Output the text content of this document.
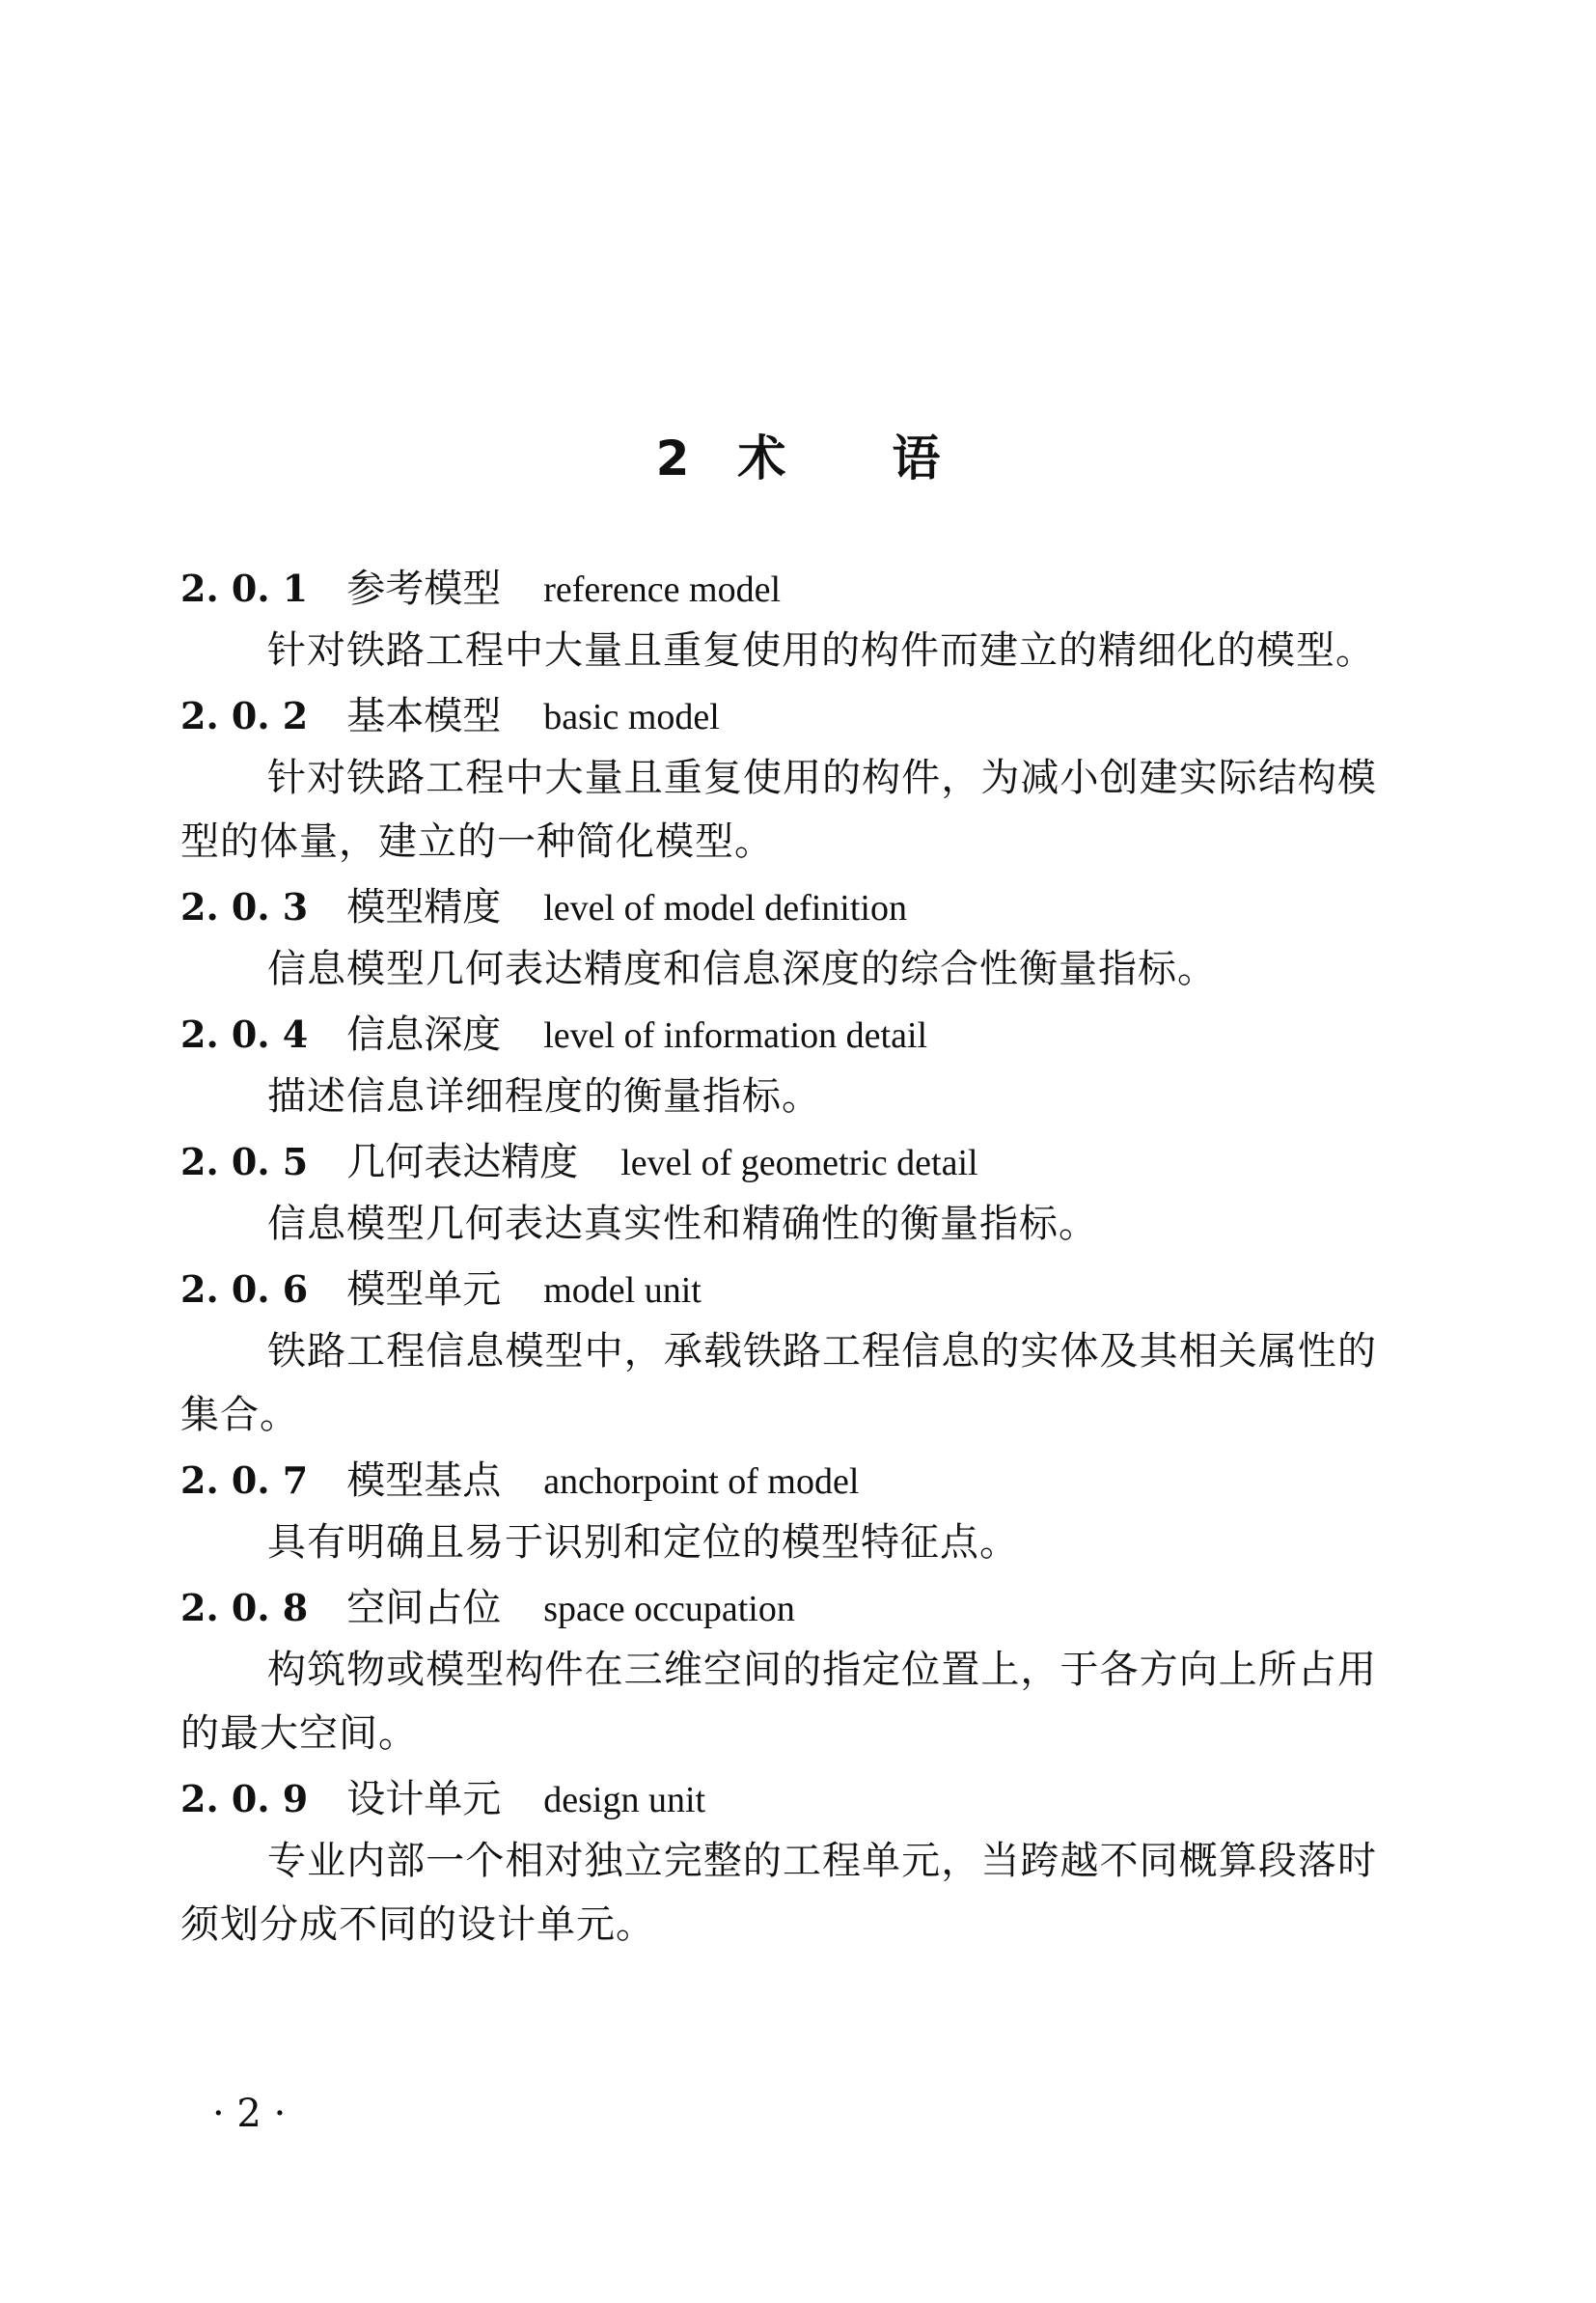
2 术 语
2. 0. 1 参考模型 reference model

针对铁路工程中大量且重复使用的构件而建立的精细化的模型。

2. 0. 2 基本模型 basic model

针对铁路工程中大量且重复使用的构件，为减小创建实际结构模型的体量，建立的一种简化模型。

2. 0. 3 模型精度 level of model definition

信息模型几何表达精度和信息深度的综合性衡量指标。

2. 0. 4 信息深度 level of information detail

描述信息详细程度的衡量指标。

2. 0. 5 几何表达精度 level of geometric detail

信息模型几何表达真实性和精确性的衡量指标。

2. 0. 6 模型单元 model unit

铁路工程信息模型中，承载铁路工程信息的实体及其相关属性的集合。

2. 0. 7 模型基点 anchorpoint of model

具有明确且易于识别和定位的模型特征点。

2. 0. 8 空间占位 space occupation

构筑物或模型构件在三维空间的指定位置上，于各方向上所占用的最大空间。

2. 0. 9 设计单元 design unit

专业内部一个相对独立完整的工程单元，当跨越不同概算段落时须划分成不同的设计单元。

· 2 ·
